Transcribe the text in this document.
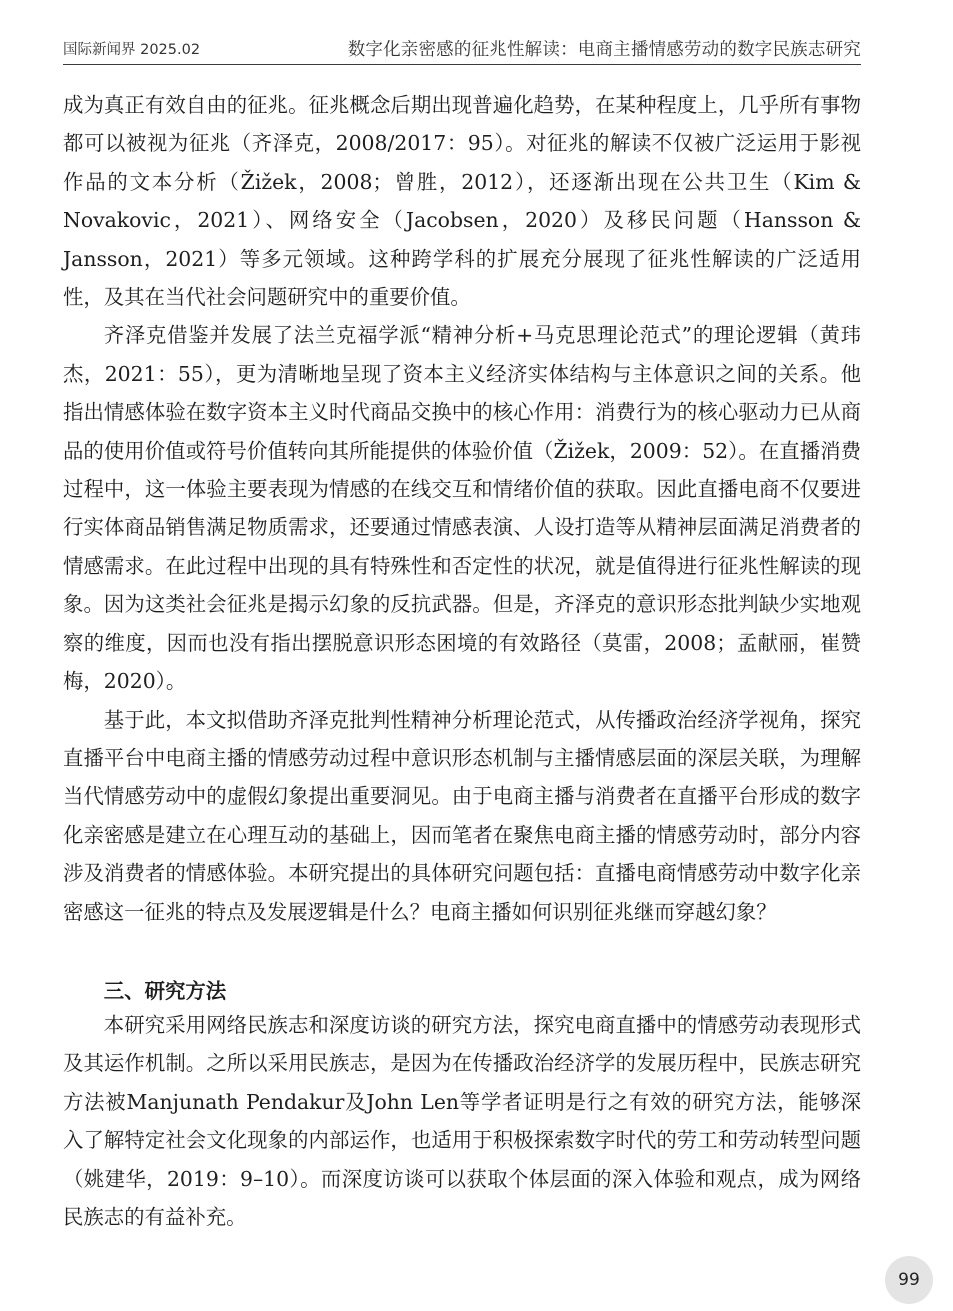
国际新闻界 2025.02	数字化亲密感的征兆性解读：电商主播情感劳动的数字民族志研究

成为真正有效自由的征兆。征兆概念后期出现普遍化趋势，在某种程度上，几乎所有事物都可以被视为征兆（齐泽克，2008/2017：95）。对征兆的解读不仅被广泛运用于影视作品的文本分析（Žižek，2008；曾胜，2012），还逐渐出现在公共卫生（Kim & Novakovic，2021）、网络安全（Jacobsen，2020）及移民问题（Hansson & Jansson，2021）等多元领域。这种跨学科的扩展充分展现了征兆性解读的广泛适用性，及其在当代社会问题研究中的重要价值。

齐泽克借鉴并发展了法兰克福学派“精神分析+马克思理论范式”的理论逻辑（黄玮杰，2021：55），更为清晰地呈现了资本主义经济实体结构与主体意识之间的关系。他指出情感体验在数字资本主义时代商品交换中的核心作用：消费行为的核心驱动力已从商品的使用价值或符号价值转向其所能提供的体验价值（Žižek，2009：52）。在直播消费过程中，这一体验主要表现为情感的在线交互和情绪价值的获取。因此直播电商不仅要进行实体商品销售满足物质需求，还要通过情感表演、人设打造等从精神层面满足消费者的情感需求。在此过程中出现的具有特殊性和否定性的状况，就是值得进行征兆性解读的现象。因为这类社会征兆是揭示幻象的反抗武器。但是，齐泽克的意识形态批判缺少实地观察的维度，因而也没有指出摆脱意识形态困境的有效路径（莫雷，2008；孟献丽，崔赞梅，2020）。

基于此，本文拟借助齐泽克批判性精神分析理论范式，从传播政治经济学视角，探究直播平台中电商主播的情感劳动过程中意识形态机制与主播情感层面的深层关联，为理解当代情感劳动中的虚假幻象提出重要洞见。由于电商主播与消费者在直播平台形成的数字化亲密感是建立在心理互动的基础上，因而笔者在聚焦电商主播的情感劳动时，部分内容涉及消费者的情感体验。本研究提出的具体研究问题包括：直播电商情感劳动中数字化亲密感这一征兆的特点及发展逻辑是什么？电商主播如何识别征兆继而穿越幻象？

三、研究方法

本研究采用网络民族志和深度访谈的研究方法，探究电商直播中的情感劳动表现形式及其运作机制。之所以采用民族志，是因为在传播政治经济学的发展历程中，民族志研究方法被Manjunath Pendakur及John Len等学者证明是行之有效的研究方法，能够深入了解特定社会文化现象的内部运作，也适用于积极探索数字时代的劳工和劳动转型问题（姚建华，2019：9–10）。而深度访谈可以获取个体层面的深入体验和观点，成为网络民族志的有益补充。

99
